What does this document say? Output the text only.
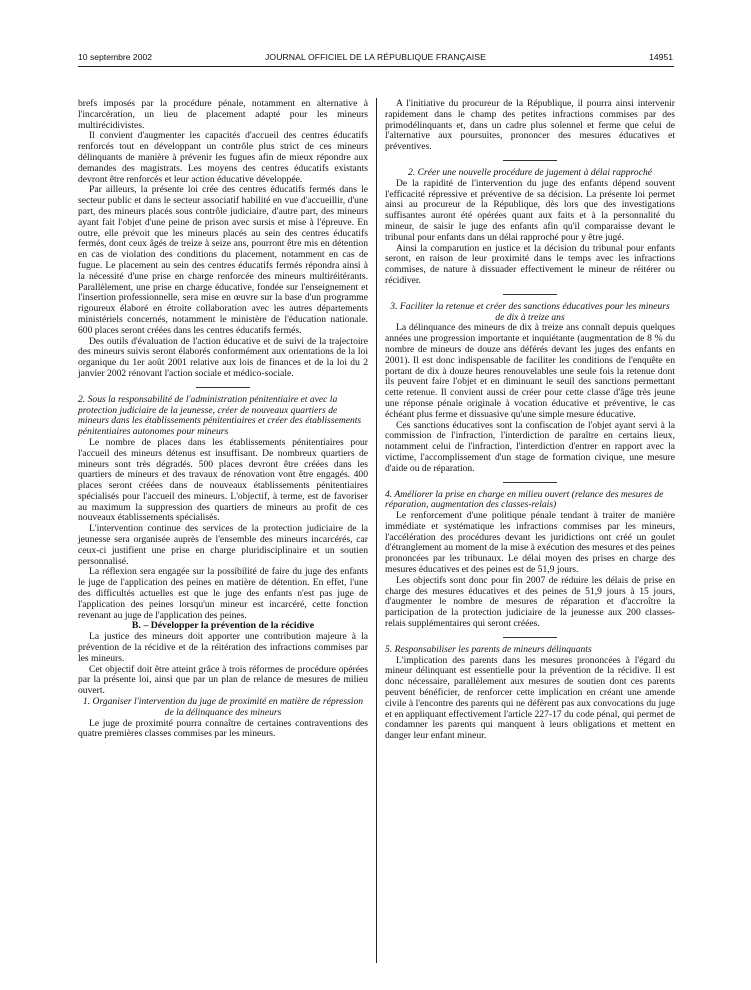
10 septembre 2002	JOURNAL OFFICIEL DE LA RÉPUBLIQUE FRANÇAISE	14951

brefs imposés par la procédure pénale, notamment en alternative à l'incarcération, un lieu de placement adapté pour les mineurs multirécidivistes.

Il convient d'augmenter les capacités d'accueil des centres éducatifs renforcés tout en développant un contrôle plus strict de ces mineurs délinquants de manière à prévenir les fugues afin de mieux répondre aux demandes des magistrats. Les moyens des centres éducatifs existants devront être renforcés et leur action éducative développée.

Par ailleurs, la présente loi crée des centres éducatifs fermés dans le secteur public et dans le secteur associatif habilité en vue d'accueillir, d'une part, des mineurs placés sous contrôle judiciaire, d'autre part, des mineurs ayant fait l'objet d'une peine de prison avec sursis et mise à l'épreuve. En outre, elle prévoit que les mineurs placés au sein des centres éducatifs fermés, dont ceux âgés de treize à seize ans, pourront être mis en détention en cas de violation des conditions du placement, notamment en cas de fugue. Le placement au sein des centres éducatifs fermés répondra ainsi à la nécessité d'une prise en charge renforcée des mineurs multiréitérants. Parallèlement, une prise en charge éducative, fondée sur l'enseignement et l'insertion professionnelle, sera mise en œuvre sur la base d'un programme rigoureux élaboré en étroite collaboration avec les autres départements ministériels concernés, notamment le ministère de l'éducation nationale. 600 places seront créées dans les centres éducatifs fermés.

Des outils d'évaluation de l'action éducative et de suivi de la trajectoire des mineurs suivis seront élaborés conformément aux orientations de la loi organique du 1er août 2001 relative aux lois de finances et de la loi du 2 janvier 2002 rénovant l'action sociale et médico-sociale.

2. Sous la responsabilité de l'administration pénitentiaire et avec la protection judiciaire de la jeunesse, créer de nouveaux quartiers de mineurs dans les établissements pénitentiaires et créer des établissements pénitentiaires autonomes pour mineurs

Le nombre de places dans les établissements pénitentiaires pour l'accueil des mineurs détenus est insuffisant. De nombreux quartiers de mineurs sont très dégradés. 500 places devront être créées dans les quartiers de mineurs et des travaux de rénovation vont être engagés. 400 places seront créées dans de nouveaux établissements pénitentiaires spécialisés pour l'accueil des mineurs. L'objectif, à terme, est de favoriser au maximum la suppression des quartiers de mineurs au profit de ces nouveaux établissements spécialisés.

L'intervention continue des services de la protection judiciaire de la jeunesse sera organisée auprès de l'ensemble des mineurs incarcérés, car ceux-ci justifient une prise en charge pluridisciplinaire et un soutien personnalisé.

La réflexion sera engagée sur la possibilité de faire du juge des enfants le juge de l'application des peines en matière de détention. En effet, l'une des difficultés actuelles est que le juge des enfants n'est pas juge de l'application des peines lorsqu'un mineur est incarcéré, cette fonction revenant au juge de l'application des peines.

B. – Développer la prévention de la récidive

La justice des mineurs doit apporter une contribution majeure à la prévention de la récidive et de la réitération des infractions commises par les mineurs.

Cet objectif doit être atteint grâce à trois réformes de procédure opérées par la présente loi, ainsi que par un plan de relance de mesures de milieu ouvert.

1. Organiser l'intervention du juge de proximité en matière de répression de la délinquance des mineurs

Le juge de proximité pourra connaître de certaines contraventions des quatre premières classes commises par les mineurs.

A l'initiative du procureur de la République, il pourra ainsi intervenir rapidement dans le champ des petites infractions commises par des primodélinquants et, dans un cadre plus solennel et ferme que celui de l'alternative aux poursuites, prononcer des mesures éducatives et préventives.

2. Créer une nouvelle procédure de jugement à délai rapproché

De la rapidité de l'intervention du juge des enfants dépend souvent l'efficacité répressive et préventive de sa décision. La présente loi permet ainsi au procureur de la République, dès lors que des investigations suffisantes auront été opérées quant aux faits et à la personnalité du mineur, de saisir le juge des enfants afin qu'il comparaisse devant le tribunal pour enfants dans un délai rapproché pour y être jugé.

Ainsi la comparution en justice et la décision du tribunal pour enfants seront, en raison de leur proximité dans le temps avec les infractions commises, de nature à dissuader effectivement le mineur de réitérer ou récidiver.

3. Faciliter la retenue et créer des sanctions éducatives pour les mineurs de dix à treize ans

La délinquance des mineurs de dix à treize ans connaît depuis quelques années une progression importante et inquiétante (augmentation de 8 % du nombre de mineurs de douze ans déférés devant les juges des enfants en 2001). Il est donc indispensable de faciliter les conditions de l'enquête en portant de dix à douze heures renouvelables une seule fois la retenue dont ils peuvent faire l'objet et en diminuant le seuil des sanctions permettant cette retenue. Il convient aussi de créer pour cette classe d'âge très jeune une réponse pénale originale à vocation éducative et préventive, le cas échéant plus ferme et dissuasive qu'une simple mesure éducative.

Ces sanctions éducatives sont la confiscation de l'objet ayant servi à la commission de l'infraction, l'interdiction de paraître en certains lieux, notamment celui de l'infraction, l'interdiction d'entrer en rapport avec la victime, l'accomplissement d'un stage de formation civique, une mesure d'aide ou de réparation.

4. Améliorer la prise en charge en milieu ouvert (relance des mesures de réparation, augmentation des classes-relais)

Le renforcement d'une politique pénale tendant à traiter de manière immédiate et systématique les infractions commises par les mineurs, l'accélération des procédures devant les juridictions ont créé un goulet d'étranglement au moment de la mise à exécution des mesures et des peines prononcées par les tribunaux. Le délai moyen des prises en charge des mesures éducatives et des peines est de 51,9 jours.

Les objectifs sont donc pour fin 2007 de réduire les délais de prise en charge des mesures éducatives et des peines de 51,9 jours à 15 jours, d'augmenter le nombre de mesures de réparation et d'accroître la participation de la protection judiciaire de la jeunesse aux 200 classes-relais supplémentaires qui seront créées.

5. Responsabiliser les parents de mineurs délinquants

L'implication des parents dans les mesures prononcées à l'égard du mineur délinquant est essentielle pour la prévention de la récidive. Il est donc nécessaire, parallèlement aux mesures de soutien dont ces parents peuvent bénéficier, de renforcer cette implication en créant une amende civile à l'encontre des parents qui ne défèrent pas aux convocations du juge et en appliquant effectivement l'article 227-17 du code pénal, qui permet de condamner les parents qui manquent à leurs obligations et mettent en danger leur enfant mineur.
